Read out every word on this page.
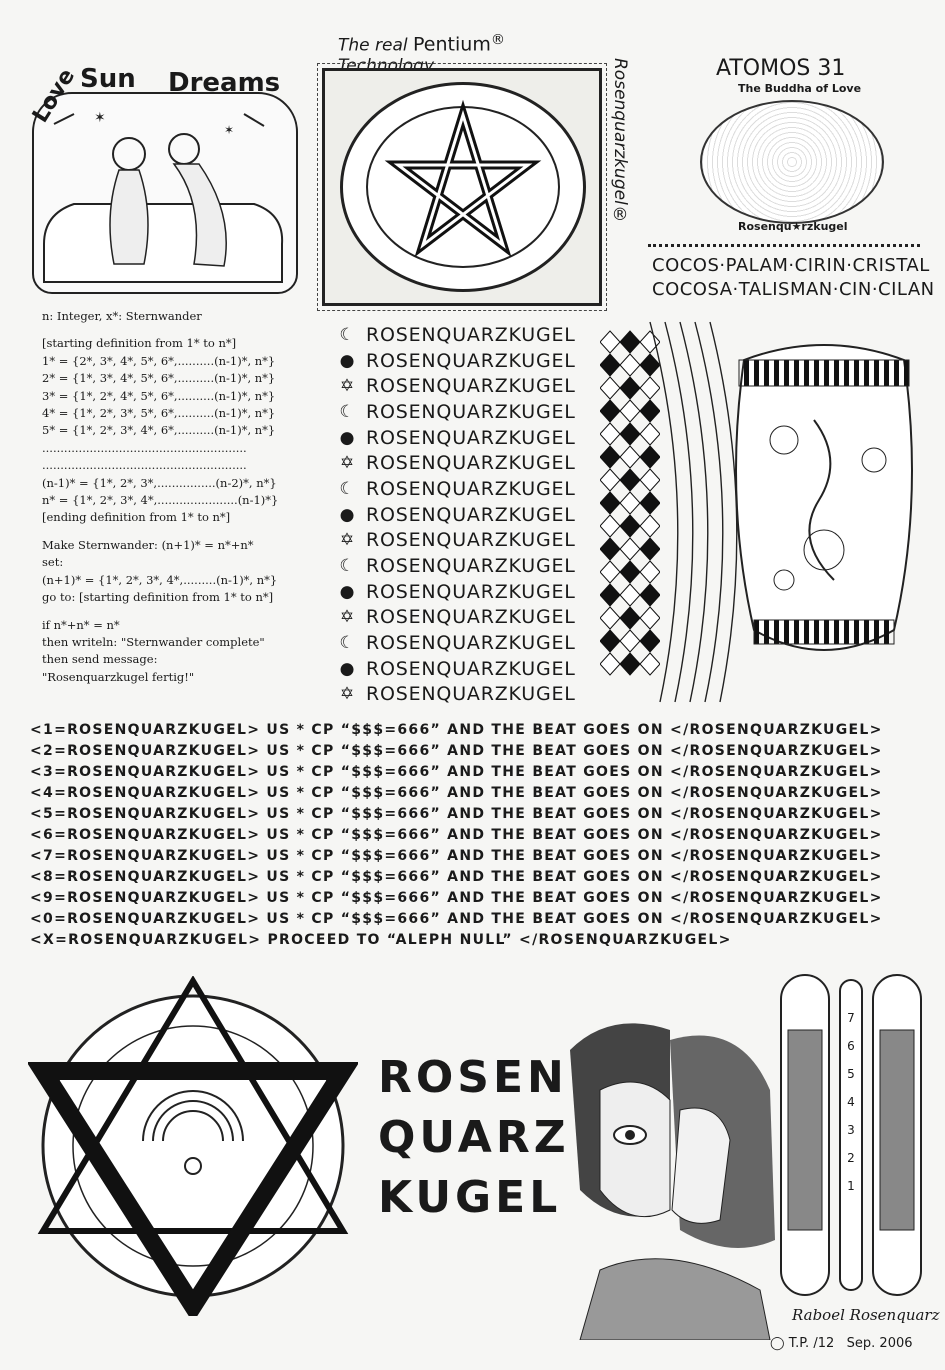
✶
✶
Love Sun Dreams
The real Pentium®
Rosenquarzkugel®	ATOMOS 31
The Buddha of Love
Rosenqu★rzkugel
COCOS·PALAM·CIRIN·CRISTAL
COCOSA·TALISMAN·CIN·CILAN

n: Integer, x*: Sternwander

[starting definition from 1* to n*]

1* = {2*, 3*, 4*, 5*, 6*,..........(n-1)*, n*}

2* = {1*, 3*, 4*, 5*, 6*,..........(n-1)*, n*}

3* = {1*, 2*, 4*, 5*, 6*,..........(n-1)*, n*}

4* = {1*, 2*, 3*, 5*, 6*,..........(n-1)*, n*}

5* = {1*, 2*, 3*, 4*, 6*,..........(n-1)*, n*}

........................................................

........................................................

(n-1)* = {1*, 2*, 3*,................(n-2)*, n*}

n* = {1*, 2*, 3*, 4*,......................(n-1)*}

[ending definition from 1* to n*]

Make Sternwander: (n+1)* = n*+n*

set:

(n+1)* = {1*, 2*, 3*, 4*,.........(n-1)*, n*}

go to: [starting definition from 1* to n*]

if n*+n* = n*

then writeln: "Sternwander complete"

then send message:

"Rosenquarzkugel fertig!"

☾ ROSENQUARZKUGEL
● ROSENQUARZKUGEL
✡ ROSENQUARZKUGEL
☾ ROSENQUARZKUGEL
● ROSENQUARZKUGEL
✡ ROSENQUARZKUGEL
☾ ROSENQUARZKUGEL
● ROSENQUARZKUGEL
✡ ROSENQUARZKUGEL
☾ ROSENQUARZKUGEL
● ROSENQUARZKUGEL
✡ ROSENQUARZKUGEL
☾ ROSENQUARZKUGEL
● ROSENQUARZKUGEL
✡ ROSENQUARZKUGEL

<1=ROSENQUARZKUGEL> US * CP “$$$=666” AND THE BEAT GOES ON </ROSENQUARZKUGEL>

<2=ROSENQUARZKUGEL> US * CP “$$$=666” AND THE BEAT GOES ON </ROSENQUARZKUGEL>

<3=ROSENQUARZKUGEL> US * CP “$$$=666” AND THE BEAT GOES ON </ROSENQUARZKUGEL>

<4=ROSENQUARZKUGEL> US * CP “$$$=666” AND THE BEAT GOES ON </ROSENQUARZKUGEL>

<5=ROSENQUARZKUGEL> US * CP “$$$=666” AND THE BEAT GOES ON </ROSENQUARZKUGEL>

<6=ROSENQUARZKUGEL> US * CP “$$$=666” AND THE BEAT GOES ON </ROSENQUARZKUGEL>

<7=ROSENQUARZKUGEL> US * CP “$$$=666” AND THE BEAT GOES ON </ROSENQUARZKUGEL>

<8=ROSENQUARZKUGEL> US * CP “$$$=666” AND THE BEAT GOES ON </ROSENQUARZKUGEL>

<9=ROSENQUARZKUGEL> US * CP “$$$=666” AND THE BEAT GOES ON </ROSENQUARZKUGEL>

<0=ROSENQUARZKUGEL> US * CP “$$$=666” AND THE BEAT GOES ON </ROSENQUARZKUGEL>

<X=ROSENQUARZKUGEL> PROCEED TO “ALEPH NULL” </ROSENQUARZKUGEL>

ROSEN
QUARZ
KUGEL
7
6
5
4
3
2
1
Raboel Rosenquarz
◯ T.P. /12 Sep. 2006
